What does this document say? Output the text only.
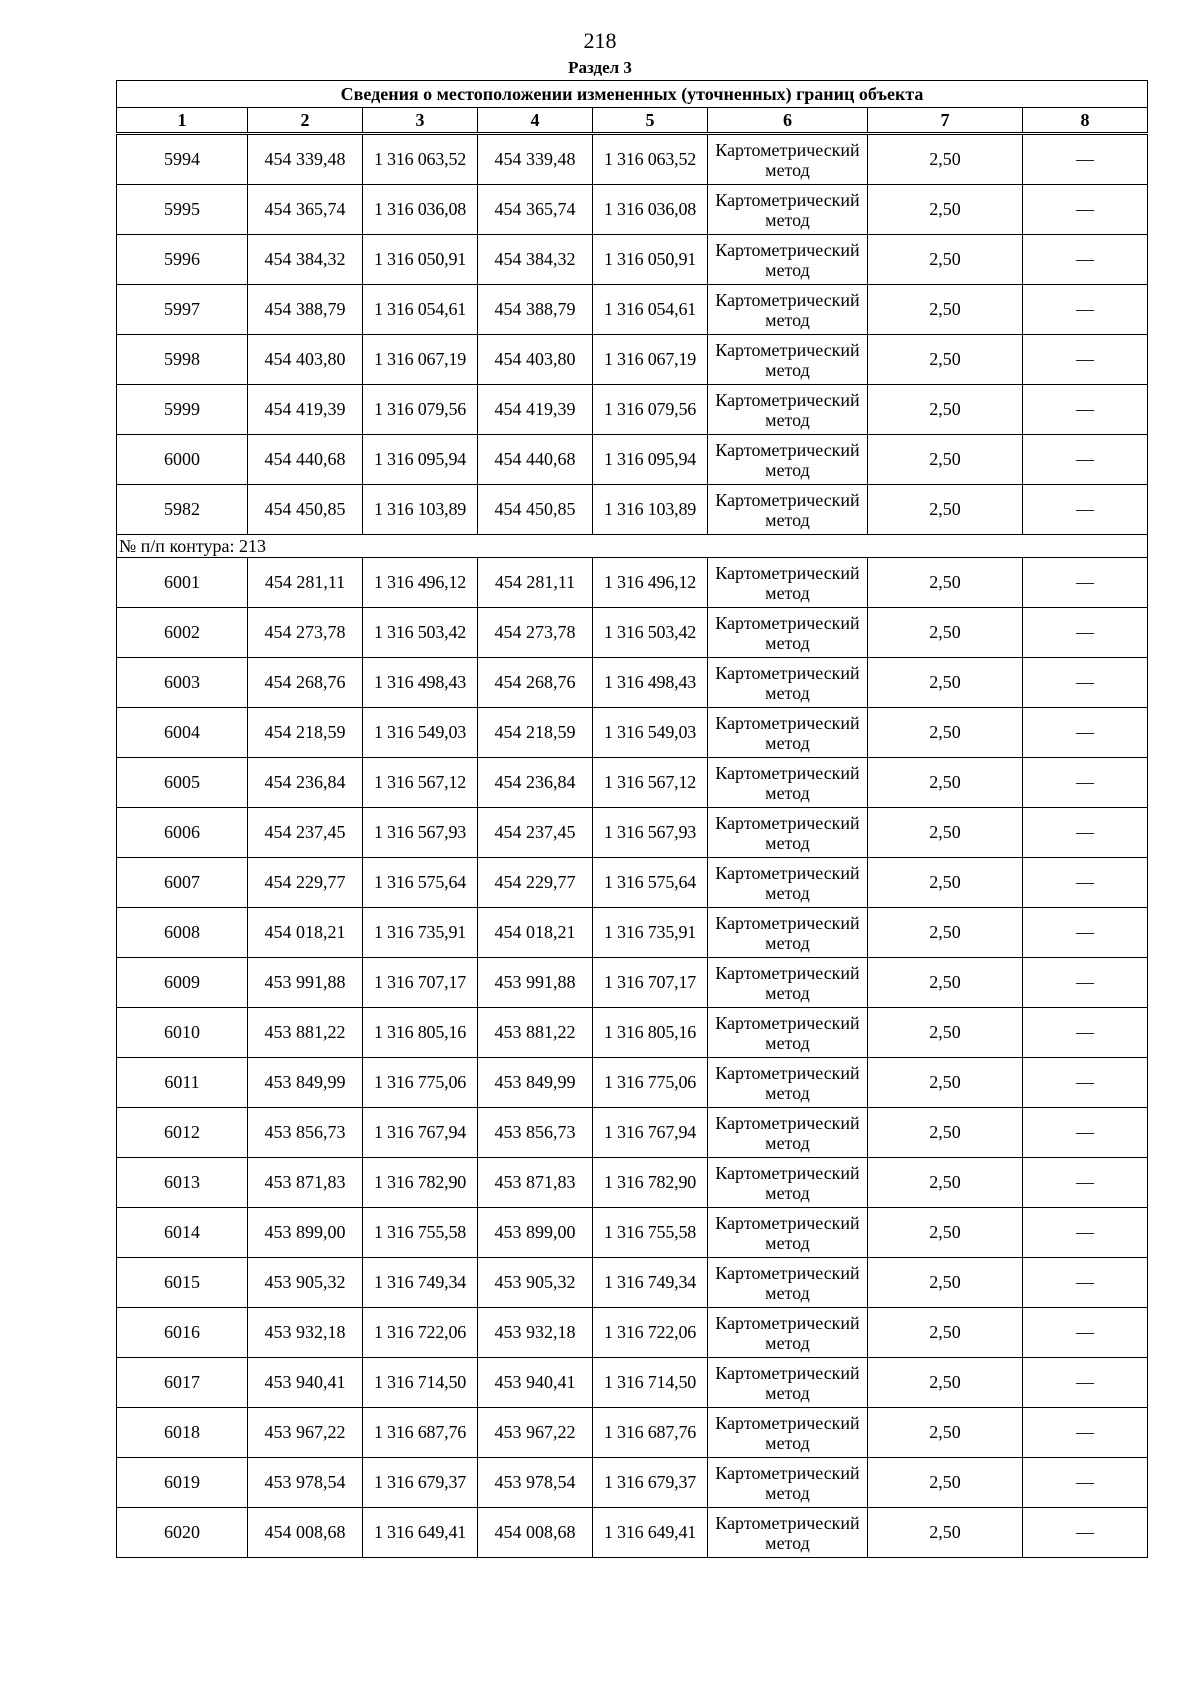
218
Раздел 3
Сведения о местоположении измененных (уточненных) границ объекта							
1	2	3	4	5	6	7	8
5994	454 339,48	1 316 063,52	454 339,48	1 316 063,52	Картометрический метод	2,50	—
5995	454 365,74	1 316 036,08	454 365,74	1 316 036,08	Картометрический метод	2,50	—
5996	454 384,32	1 316 050,91	454 384,32	1 316 050,91	Картометрический метод	2,50	—
5997	454 388,79	1 316 054,61	454 388,79	1 316 054,61	Картометрический метод	2,50	—
5998	454 403,80	1 316 067,19	454 403,80	1 316 067,19	Картометрический метод	2,50	—
5999	454 419,39	1 316 079,56	454 419,39	1 316 079,56	Картометрический метод	2,50	—
6000	454 440,68	1 316 095,94	454 440,68	1 316 095,94	Картометрический метод	2,50	—
5982	454 450,85	1 316 103,89	454 450,85	1 316 103,89	Картометрический метод	2,50	—
№ п/п контура: 213							
6001	454 281,11	1 316 496,12	454 281,11	1 316 496,12	Картометрический метод	2,50	—
6002	454 273,78	1 316 503,42	454 273,78	1 316 503,42	Картометрический метод	2,50	—
6003	454 268,76	1 316 498,43	454 268,76	1 316 498,43	Картометрический метод	2,50	—
6004	454 218,59	1 316 549,03	454 218,59	1 316 549,03	Картометрический метод	2,50	—
6005	454 236,84	1 316 567,12	454 236,84	1 316 567,12	Картометрический метод	2,50	—
6006	454 237,45	1 316 567,93	454 237,45	1 316 567,93	Картометрический метод	2,50	—
6007	454 229,77	1 316 575,64	454 229,77	1 316 575,64	Картометрический метод	2,50	—
6008	454 018,21	1 316 735,91	454 018,21	1 316 735,91	Картометрический метод	2,50	—
6009	453 991,88	1 316 707,17	453 991,88	1 316 707,17	Картометрический метод	2,50	—
6010	453 881,22	1 316 805,16	453 881,22	1 316 805,16	Картометрический метод	2,50	—
6011	453 849,99	1 316 775,06	453 849,99	1 316 775,06	Картометрический метод	2,50	—
6012	453 856,73	1 316 767,94	453 856,73	1 316 767,94	Картометрический метод	2,50	—
6013	453 871,83	1 316 782,90	453 871,83	1 316 782,90	Картометрический метод	2,50	—
6014	453 899,00	1 316 755,58	453 899,00	1 316 755,58	Картометрический метод	2,50	—
6015	453 905,32	1 316 749,34	453 905,32	1 316 749,34	Картометрический метод	2,50	—
6016	453 932,18	1 316 722,06	453 932,18	1 316 722,06	Картометрический метод	2,50	—
6017	453 940,41	1 316 714,50	453 940,41	1 316 714,50	Картометрический метод	2,50	—
6018	453 967,22	1 316 687,76	453 967,22	1 316 687,76	Картометрический метод	2,50	—
6019	453 978,54	1 316 679,37	453 978,54	1 316 679,37	Картометрический метод	2,50	—
6020	454 008,68	1 316 649,41	454 008,68	1 316 649,41	Картометрический метод	2,50	—
